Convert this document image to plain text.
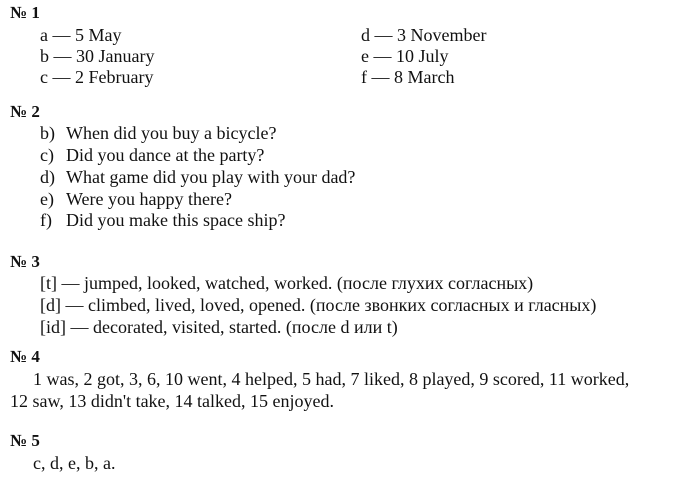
№ 1
a — 5 May
b — 30 January
c — 2 February
d — 3 November
e — 10 July
f — 8 March
№ 2
b) When did you buy a bicycle?
c) Did you dance at the party?
d) What game did you play with your dad?
e) Were you happy there?
f) Did you make this space ship?
№ 3
[t] — jumped, looked, watched, worked. (после глухих согласных)
[d] — climbed, lived, loved, opened. (после звонких согласных и гласных)
[id] — decorated, visited, started. (после d или t)
№ 4
1 was, 2 got, 3, 6, 10 went, 4 helped, 5 had, 7 liked, 8 played, 9 scored, 11 worked,
12 saw, 13 didn't take, 14 talked, 15 enjoyed.
№ 5
c, d, e, b, a.
